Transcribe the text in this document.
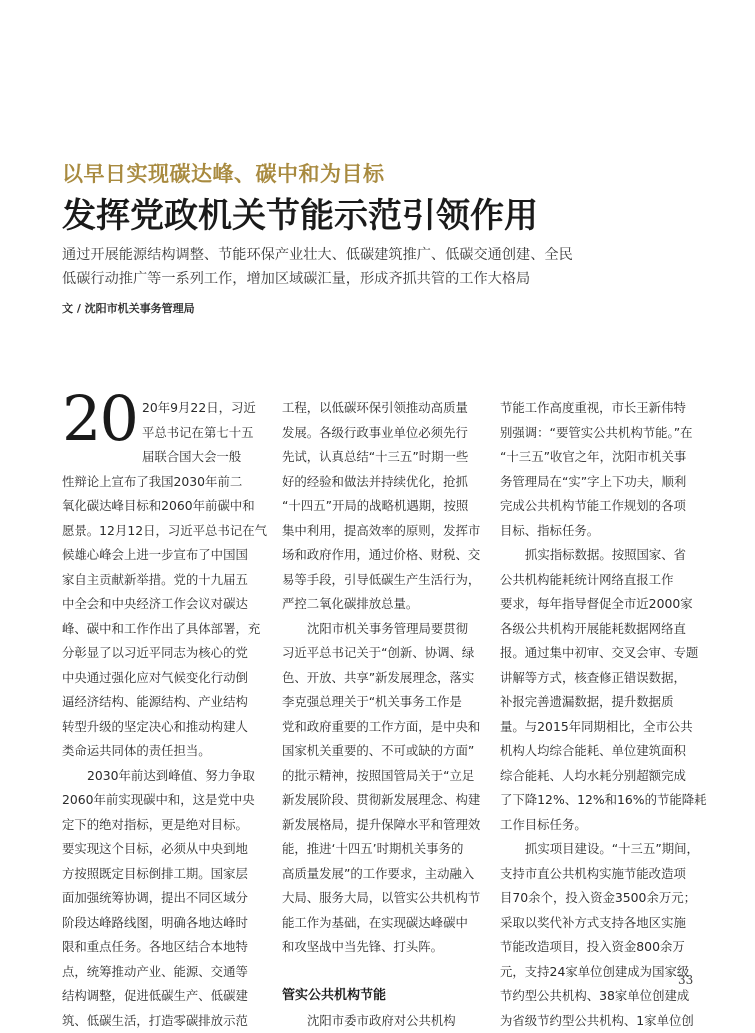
以早日实现碳达峰、碳中和为目标
发挥党政机关节能示范引领作用
通过开展能源结构调整、节能环保产业壮大、低碳建筑推广、低碳交通创建、全民
低碳行动推广等一系列工作，增加区域碳汇量，形成齐抓共管的工作大格局
文 / 沈阳市机关事务管理局
20 20年9月22日，习近
平总书记在第七十五
届联合国大会一般
性辩论上宣布了我国2030年前二
氧化碳达峰目标和2060年前碳中和
愿景。12月12日，习近平总书记在气
候雄心峰会上进一步宣布了中国国
家自主贡献新举措。党的十九届五
中全会和中央经济工作会议对碳达
峰、碳中和工作作出了具体部署，充
分彰显了以习近平同志为核心的党
中央通过强化应对气候变化行动倒
逼经济结构、能源结构、产业结构
转型升级的坚定决心和推动构建人
类命运共同体的责任担当。
2030年前达到峰值、努力争取
2060年前实现碳中和，这是党中央
定下的绝对指标，更是绝对目标。
要实现这个目标，必须从中央到地
方按照既定目标倒排工期。国家层
面加强统筹协调，提出不同区域分
阶段达峰路线图，明确各地达峰时
限和重点任务。各地区结合本地特
点，统筹推动产业、能源、交通等
结构调整，促进低碳生产、低碳建
筑、低碳生活，打造零碳排放示范
工程，以低碳环保引领推动高质量
发展。各级行政事业单位必须先行
先试，认真总结“十三五”时期一些
好的经验和做法并持续优化，抢抓
“十四五”开局的战略机遇期，按照
集中利用，提高效率的原则，发挥市
场和政府作用，通过价格、财税、交
易等手段，引导低碳生产生活行为，
严控二氧化碳排放总量。
沈阳市机关事务管理局要贯彻
习近平总书记关于“创新、协调、绿
色、开放、共享”新发展理念，落实
李克强总理关于“机关事务工作是
党和政府重要的工作方面，是中央和
国家机关重要的、不可或缺的方面”
的批示精神，按照国管局关于“立足
新发展阶段、贯彻新发展理念、构建
新发展格局，提升保障水平和管理效
能，推进‘十四五’时期机关事务的
高质量发展”的工作要求，主动融入
大局、服务大局，以管实公共机构节
能工作为基础，在实现碳达峰碳中
和攻坚战中当先锋、打头阵。
管实公共机构节能
沈阳市委市政府对公共机构
节能工作高度重视，市长王新伟特
别强调：“要管实公共机构节能。”在
“十三五”收官之年，沈阳市机关事
务管理局在“实”字上下功夫，顺利
完成公共机构节能工作规划的各项
目标、指标任务。
抓实指标数据。按照国家、省
公共机构能耗统计网络直报工作
要求，每年指导督促全市近2000家
各级公共机构开展能耗数据网络直
报。通过集中初审、交叉会审、专题
讲解等方式，核查修正错误数据，
补报完善遗漏数据，提升数据质
量。与2015年同期相比，全市公共
机构人均综合能耗、单位建筑面积
综合能耗、人均水耗分别超额完成
了下降12%、12%和16%的节能降耗
工作目标任务。
抓实项目建设。“十三五”期间，
支持市直公共机构实施节能改造项
目70余个，投入资金3500余万元；
采取以奖代补方式支持各地区实施
节能改造项目，投入资金800余万
元，支持24家单位创建成为国家级
节约型公共机构、38家单位创建成
为省级节约型公共机构、1家单位创
33
